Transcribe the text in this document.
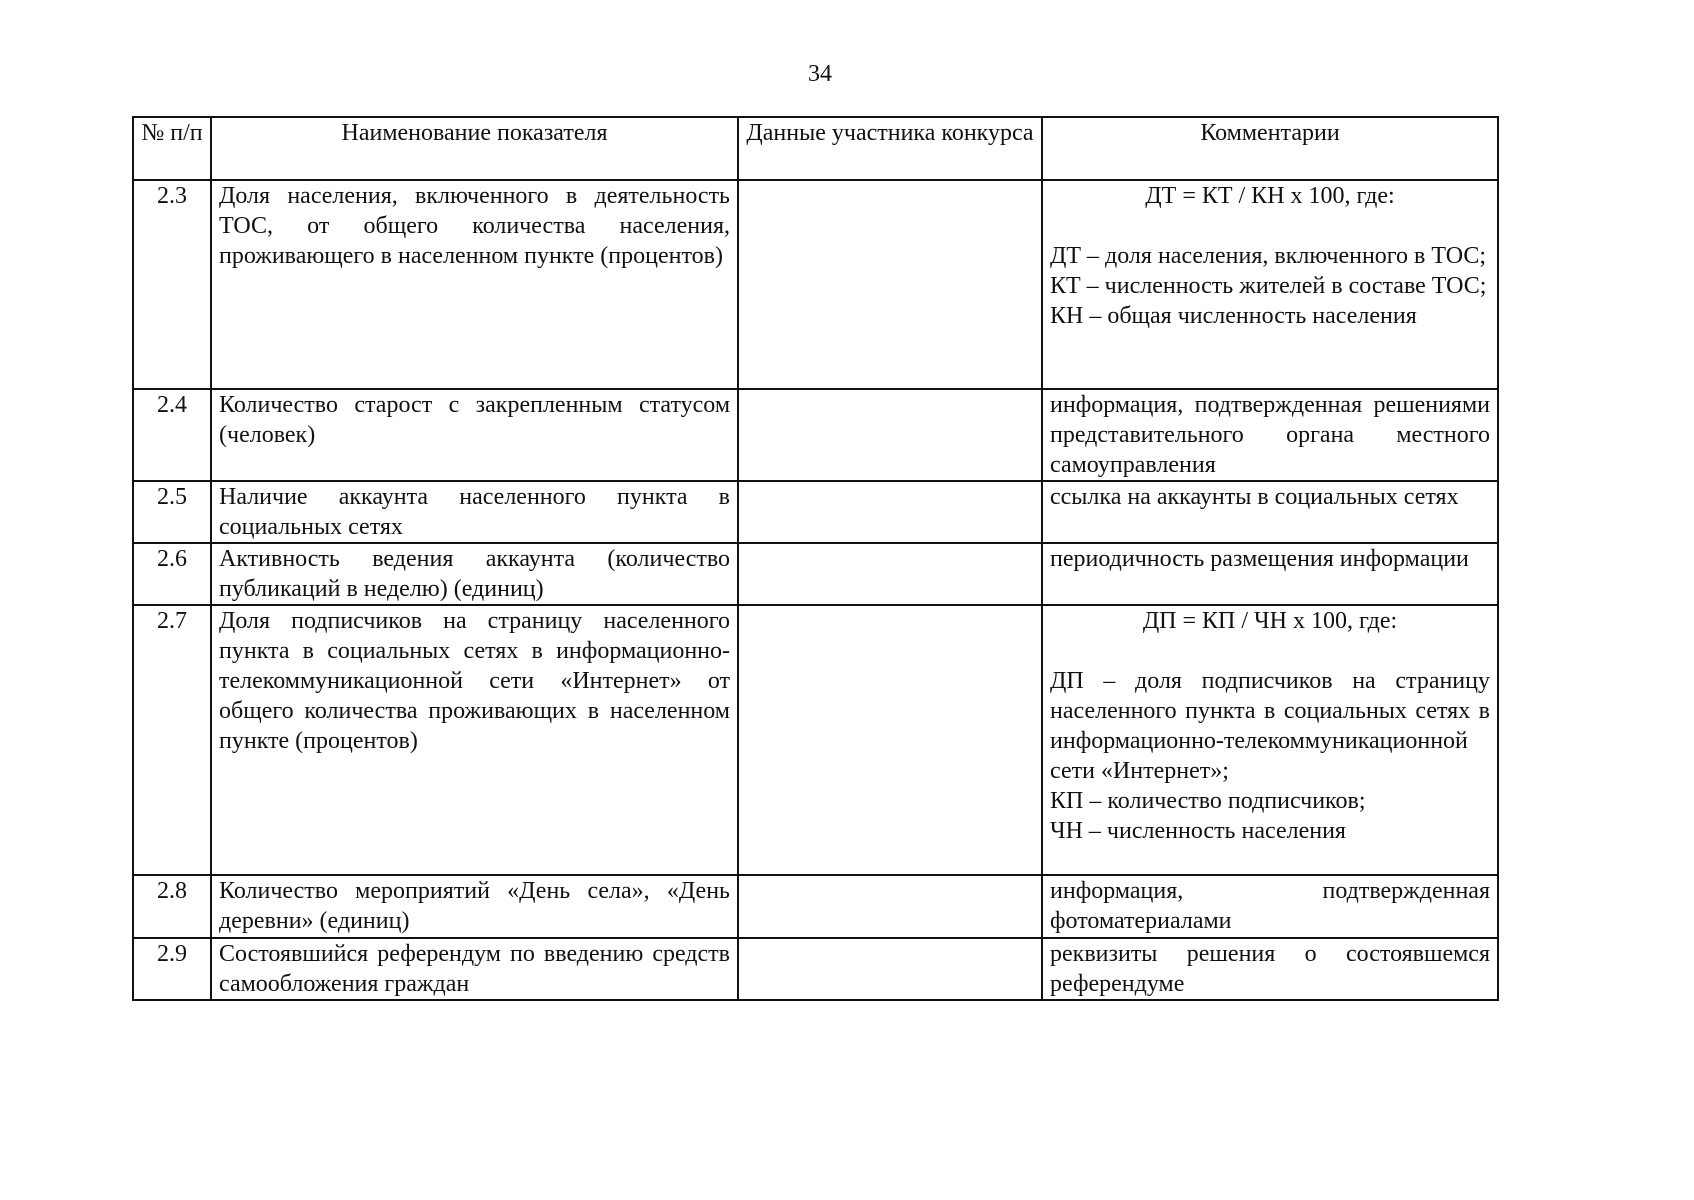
34
№ п/п	Наименование показателя	Данные участника конкурса	Комментарии
2.3	Доля населения, включенного в деятельность ТОС, от общего количества населения, проживающего в населенном пункте (процентов)		ДТ = КТ / КН х 100, где:
ДТ – доля населения, включенного в ТОС;
КТ – численность жителей в составе ТОС;
КН – общая численность населения

2.4	Количество старост с закрепленным статусом (человек)		информация, подтвержденная решениями представительного органа местного самоуправления
2.5	Наличие аккаунта населенного пункта в социальных сетях		ссылка на аккаунты в социальных сетях
2.6	Активность ведения аккаунта (количество публикаций в неделю) (единиц)		периодичность размещения информации
2.7	Доля подписчиков на страницу населенного пункта в социальных сетях в информационно-телекоммуникационной сети «Интернет» от общего количества проживающих в населенном пункте (процентов)		ДП = КП / ЧН х 100, где:
ДП – доля подписчиков на страницу населенного пункта в социальных сетях в информационно-телекоммуникационной сети «Интернет»;
КП – количество подписчиков;
ЧН – численность населения

2.8	Количество мероприятий «День села», «День деревни» (единиц)		информация, подтвержденная фотоматериалами
2.9	Состоявшийся референдум по введению средств самообложения граждан		реквизиты решения о состоявшемся референдуме
